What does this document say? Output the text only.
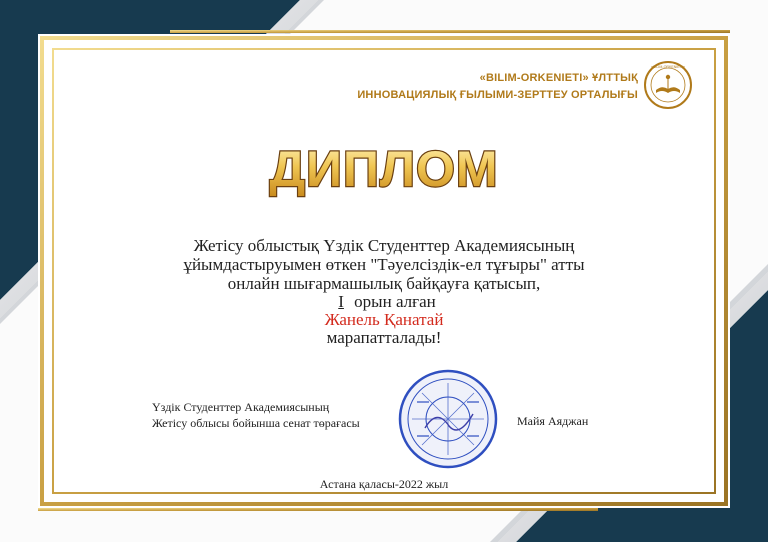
«BILIM-ORKENIETI» ҰЛТТЫҚ
ИННОВАЦИЯЛЫҚ ҒЫЛЫМИ-ЗЕРТТЕУ ОРТАЛЫҒЫ
«BILIM-ORKENIETI»
ДИПЛОМ
Жетісу облыстық Үздік Студенттер Академиясының
ұйымдастыруымен өткен "Тәуелсіздік-ел тұғыры" атты
онлайн шығармашылық байқауға қатысып,
I орын алған
Жанель Қанатай
марапатталады!
Үздік Студенттер Академиясының
Жетісу облысы бойынша сенат төрағасы	Майя Аяджан
Астана қаласы-2022 жыл
